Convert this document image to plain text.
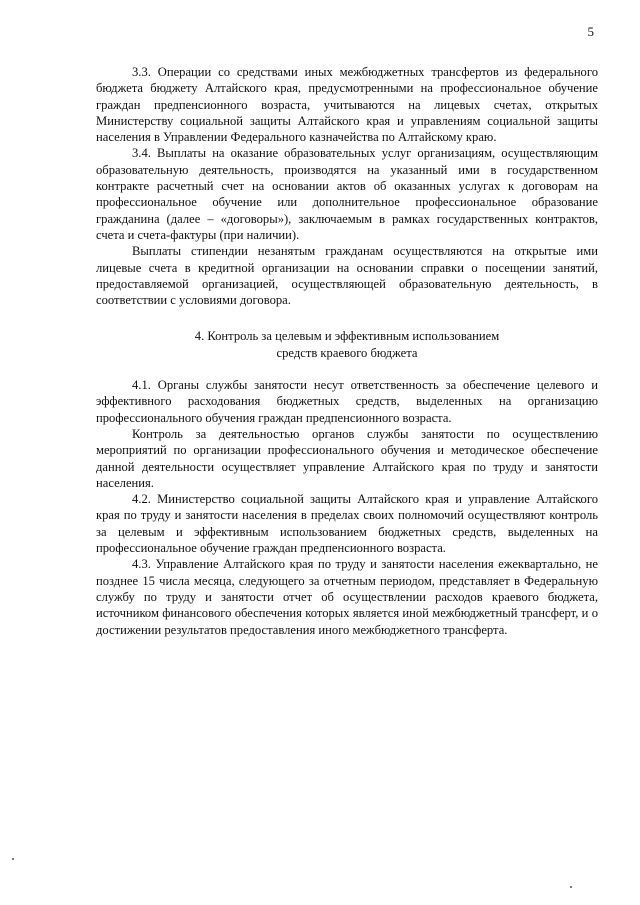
5

3.3. Операции со средствами иных межбюджетных трансфертов из федерального бюджета бюджету Алтайского края, предусмотренными на профессиональное обучение граждан предпенсионного возраста, учитываются на лицевых счетах, открытых Министерству социальной защиты Алтайского края и управлениям социальной защиты населения в Управлении Федерального казначейства по Алтайскому краю.

3.4. Выплаты на оказание образовательных услуг организациям, осуществляющим образовательную деятельность, производятся на указанный ими в государственном контракте расчетный счет на основании актов об оказанных услугах к договорам на профессиональное обучение или дополнительное профессиональное образование гражданина (далее – «договоры»), заключаемым в рамках государственных контрактов, счета и счета-фактуры (при наличии).

Выплаты стипендии незанятым гражданам осуществляются на открытые ими лицевые счета в кредитной организации на основании справки о посещении занятий, предоставляемой организацией, осуществляющей образовательную деятельность, в соответствии с условиями договора.

4. Контроль за целевым и эффективным использованием
средств краевого бюджета

4.1. Органы службы занятости несут ответственность за обеспечение целевого и эффективного расходования бюджетных средств, выделенных на организацию профессионального обучения граждан предпенсионного возраста.

Контроль за деятельностью органов службы занятости по осуществлению мероприятий по организации профессионального обучения и методическое обеспечение данной деятельности осуществляет управление Алтайского края по труду и занятости населения.

4.2. Министерство социальной защиты Алтайского края и управление Алтайского края по труду и занятости населения в пределах своих полномочий осуществляют контроль за целевым и эффективным использованием бюджетных средств, выделенных на профессиональное обучение граждан предпенсионного возраста.

4.3. Управление Алтайского края по труду и занятости населения ежеквартально, не позднее 15 числа месяца, следующего за отчетным периодом, представляет в Федеральную службу по труду и занятости отчет об осуществлении расходов краевого бюджета, источником финансового обеспечения которых является иной межбюджетный трансферт, и о достижении результатов предоставления иного межбюджетного трансферта.
